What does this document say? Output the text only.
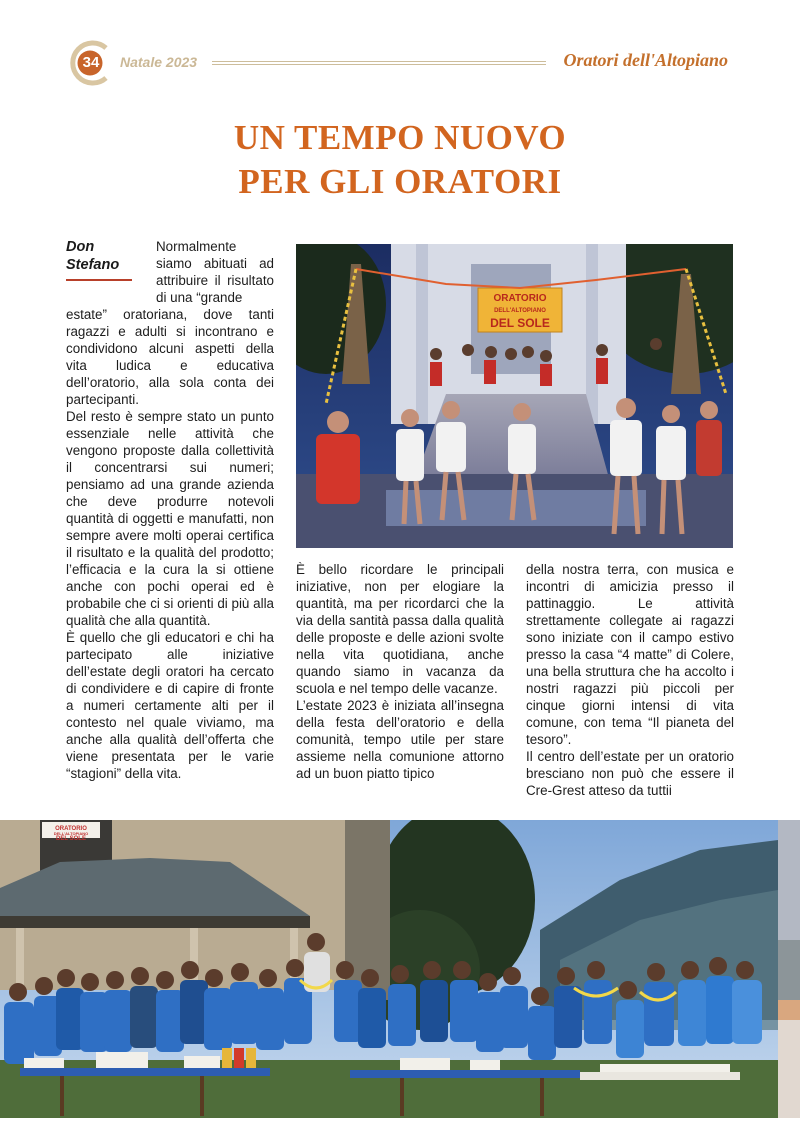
34	Natale 2023	Oratori dell'Altopiano
UN TEMPO NUOVO
PER GLI ORATORI
Don
Stefano

Normalmente siamo abituati ad attribuire il risultato di una “grande

estate” oratoriana, dove tanti ragazzi e adulti si incontrano e condividono alcuni aspetti della vita ludica e educativa dell’oratorio, alla sola conta dei partecipanti.

Del resto è sempre stato un punto essenziale nelle attività che vengono proposte dalla collettività il concentrarsi sui numeri; pensiamo ad una grande azienda che deve produrre notevoli quantità di oggetti e manufatti, non sempre avere molti operai certifica il risultato e la qualità del prodotto; l’efficacia e la cura la si ottiene anche con pochi operai ed è probabile che ci si orienti di più alla qualità che alla quantità.

È quello che gli educatori e chi ha partecipato alle iniziative dell’estate degli oratori ha cercato di condividere e di capire di fronte a numeri certamente alti per il contesto nel quale viviamo, ma anche alla qualità dell’offerta che viene presentata per le varie “stagioni” della vita.

ORATORIO
DELL'ALTOPIANO
DEL SOLE

È bello ricordare le principali iniziative, non per elogiare la quantità, ma per ricordarci che la via della santità passa dalla qualità delle proposte e delle azioni svolte nella vita quotidiana, anche quando siamo in vacanza da scuola e nel tempo delle vacanze.

L’estate 2023 è iniziata all’insegna della festa dell’oratorio e della comunità, tempo utile per stare assieme nella comunione attorno ad un buon piatto tipico

della nostra terra, con musica e incontri di amicizia presso il pattinaggio. Le attività strettamente collegate ai ragazzi sono iniziate con il campo estivo presso la casa “4 matte” di Colere, una bella struttura che ha accolto i nostri ragazzi più piccoli per cinque giorni intensi di vita comune, con tema “Il pianeta del tesoro”.

Il centro dell’estate per un oratorio bresciano non può che essere il Cre-Grest atteso da tuttii

ORATORIO
DELL'ALTOPIANO
DEL SOLE
